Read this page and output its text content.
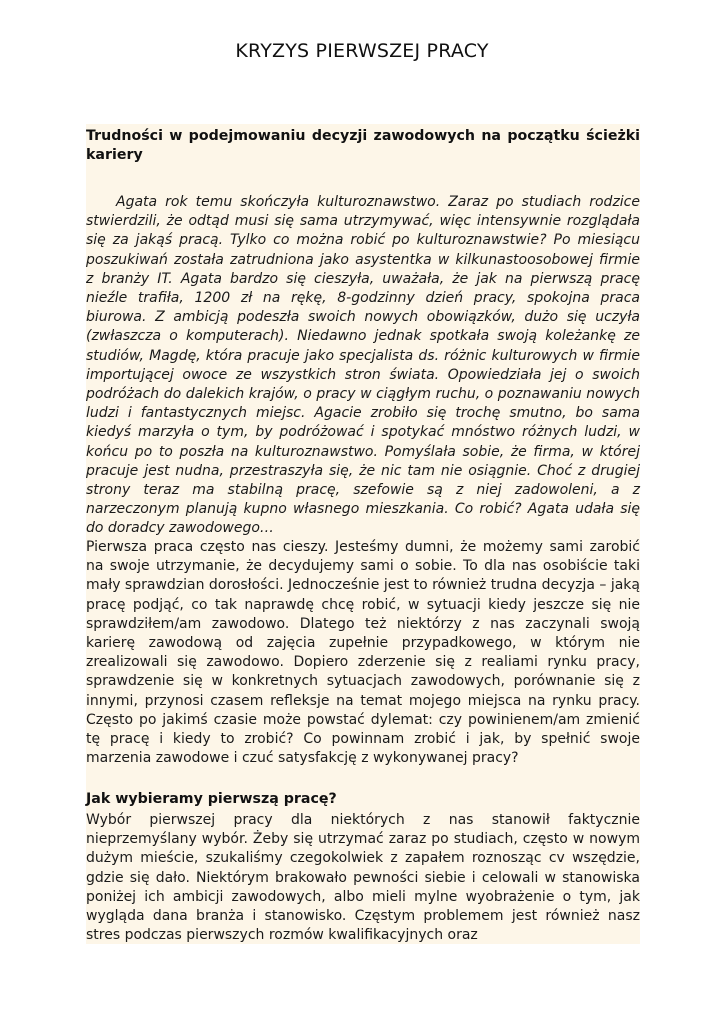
KRYZYS PIERWSZEJ PRACY
Trudności w podejmowaniu decyzji zawodowych na początku ścieżki kariery

Agata rok temu skończyła kulturoznawstwo. Zaraz po studiach rodzice stwierdzili, że odtąd musi się sama utrzymywać, więc intensywnie rozglądała się za jakąś pracą. Tylko co można robić po kulturoznawstwie? Po miesiącu poszukiwań została zatrudniona jako asystentka w kilkunastoosobowej firmie z branży IT. Agata bardzo się cieszyła, uważała, że jak na pierwszą pracę nieźle trafiła, 1200 zł na rękę, 8-godzinny dzień pracy, spokojna praca biurowa. Z ambicją podeszła swoich nowych obowiązków, dużo się uczyła (zwłaszcza o komputerach). Niedawno jednak spotkała swoją koleżankę ze studiów, Magdę, która pracuje jako specjalista ds. różnic kulturowych w firmie importującej owoce ze wszystkich stron świata. Opowiedziała jej o swoich podróżach do dalekich krajów, o pracy w ciągłym ruchu, o poznawaniu nowych ludzi i fantastycznych miejsc. Agacie zrobiło się trochę smutno, bo sama kiedyś marzyła o tym, by podróżować i spotykać mnóstwo różnych ludzi, w końcu po to poszła na kulturoznawstwo. Pomyślała sobie, że firma, w której pracuje jest nudna, przestraszyła się, że nic tam nie osiągnie. Choć z drugiej strony teraz ma stabilną pracę, szefowie są z niej zadowoleni, a z narzeczonym planują kupno własnego mieszkania. Co robić? Agata udała się do doradcy zawodowego…

Pierwsza praca często nas cieszy. Jesteśmy dumni, że możemy sami zarobić na swoje utrzymanie, że decydujemy sami o sobie. To dla nas osobiście taki mały sprawdzian dorosłości. Jednocześnie jest to również trudna decyzja – jaką pracę podjąć, co tak naprawdę chcę robić, w sytuacji kiedy jeszcze się nie sprawdziłem/am zawodowo. Dlatego też niektórzy z nas zaczynali swoją karierę zawodową od zajęcia zupełnie przypadkowego, w którym nie zrealizowali się zawodowo. Dopiero zderzenie się z realiami rynku pracy, sprawdzenie się w konkretnych sytuacjach zawodowych, porównanie się z innymi, przynosi czasem refleksje na temat mojego miejsca na rynku pracy. Często po jakimś czasie może powstać dylemat: czy powinienem/am zmienić tę pracę i kiedy to zrobić? Co powinnam zrobić i jak, by spełnić swoje marzenia zawodowe i czuć satysfakcję z wykonywanej pracy?

Jak wybieramy pierwszą pracę?

Wybór pierwszej pracy dla niektórych z nas stanowił faktycznie nieprzemyślany wybór. Żeby się utrzymać zaraz po studiach, często w nowym dużym mieście, szukaliśmy czegokolwiek z zapałem roznosząc cv wszędzie, gdzie się dało. Niektórym brakowało pewności siebie i celowali w stanowiska poniżej ich ambicji zawodowych, albo mieli mylne wyobrażenie o tym, jak wygląda dana branża i stanowisko. Częstym problemem jest również nasz stres podczas pierwszych rozmów kwalifikacyjnych oraz
